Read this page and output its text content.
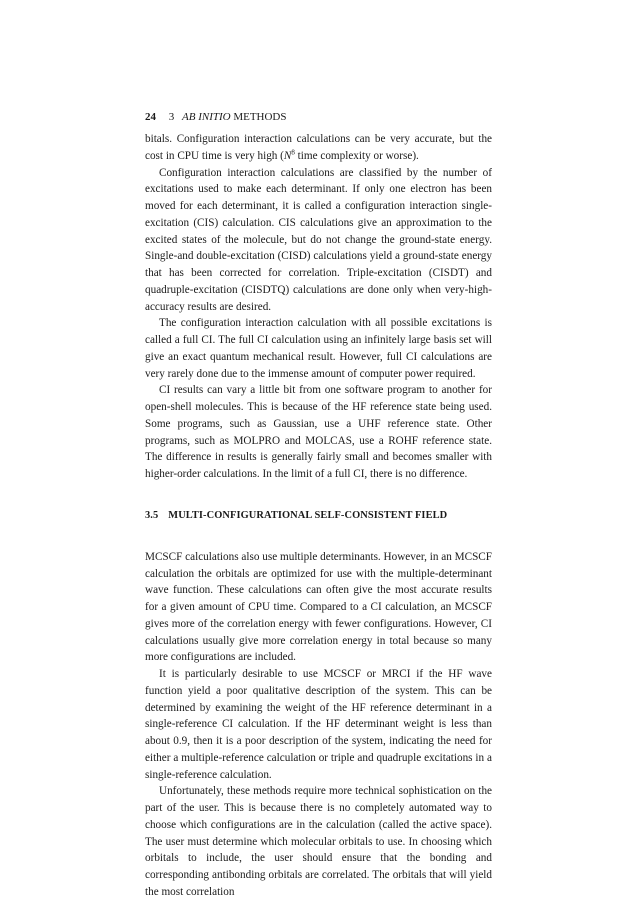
24 3 AB INITIO METHODS

bitals. Configuration interaction calculations can be very accurate, but the cost in CPU time is very high ($N^8$ time complexity or worse).

Configuration interaction calculations are classified by the number of excitations used to make each determinant. If only one electron has been moved for each determinant, it is called a configuration interaction single-excitation (CIS) calculation. CIS calculations give an approximation to the excited states of the molecule, but do not change the ground-state energy. Single-and double-excitation (CISD) calculations yield a ground-state energy that has been corrected for correlation. Triple-excitation (CISDT) and quadruple-excitation (CISDTQ) calculations are done only when very-high-accuracy results are desired.

The configuration interaction calculation with all possible excitations is called a full CI. The full CI calculation using an infinitely large basis set will give an exact quantum mechanical result. However, full CI calculations are very rarely done due to the immense amount of computer power required.

CI results can vary a little bit from one software program to another for open-shell molecules. This is because of the HF reference state being used. Some programs, such as Gaussian, use a UHF reference state. Other programs, such as MOLPRO and MOLCAS, use a ROHF reference state. The difference in results is generally fairly small and becomes smaller with higher-order calculations. In the limit of a full CI, there is no difference.

3.5 MULTI-CONFIGURATIONAL SELF-CONSISTENT FIELD

MCSCF calculations also use multiple determinants. However, in an MCSCF calculation the orbitals are optimized for use with the multiple-determinant wave function. These calculations can often give the most accurate results for a given amount of CPU time. Compared to a CI calculation, an MCSCF gives more of the correlation energy with fewer configurations. However, CI calculations usually give more correlation energy in total because so many more configurations are included.

It is particularly desirable to use MCSCF or MRCI if the HF wave function yield a poor qualitative description of the system. This can be determined by examining the weight of the HF reference determinant in a single-reference CI calculation. If the HF determinant weight is less than about 0.9, then it is a poor description of the system, indicating the need for either a multiple-reference calculation or triple and quadruple excitations in a single-reference calculation.

Unfortunately, these methods require more technical sophistication on the part of the user. This is because there is no completely automated way to choose which configurations are in the calculation (called the active space). The user must determine which molecular orbitals to use. In choosing which orbitals to include, the user should ensure that the bonding and corresponding antibonding orbitals are correlated. The orbitals that will yield the most correlation
